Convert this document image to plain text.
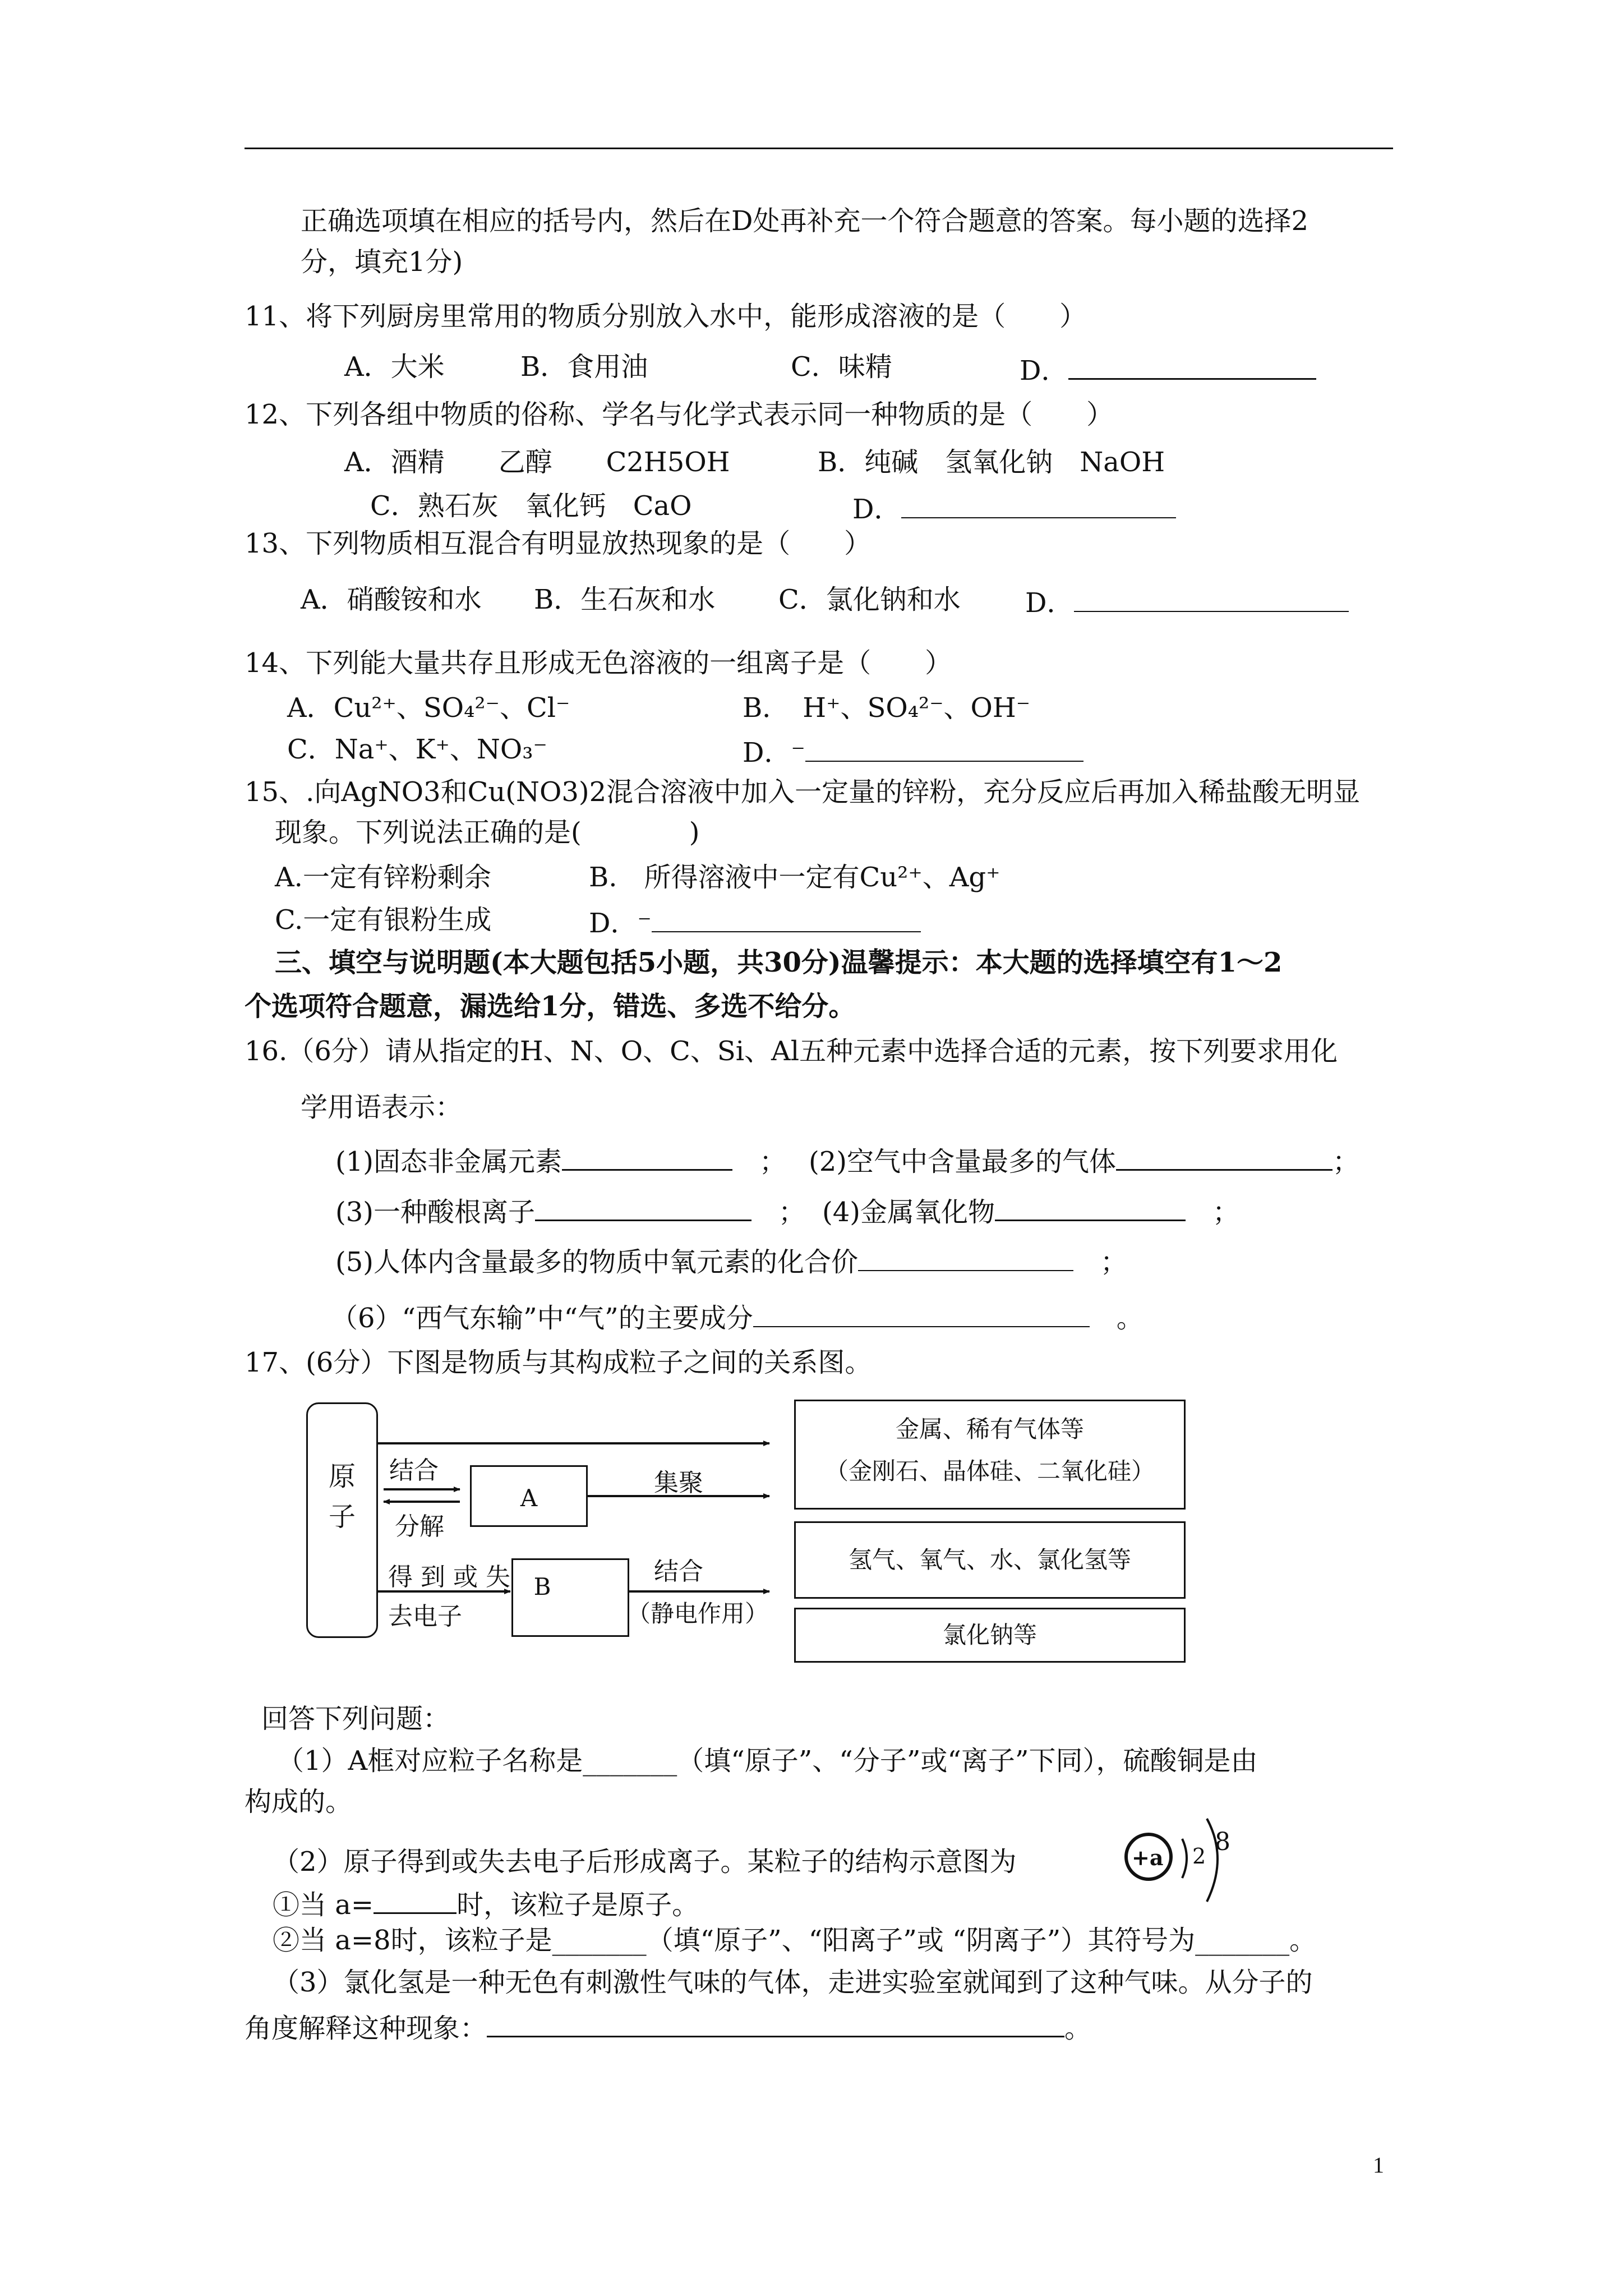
正确选项填在相应的括号内，然后在D处再补充一个符合题意的答案。每小题的选择2
分，填充1分)
11、将下列厨房里常用的物质分别放入水中，能形成溶液的是（　　）
A．大米	B．食用油	C．味精	D．
12、下列各组中物质的俗称、学名与化学式表示同一种物质的是（　　）
A．酒精　　乙醇　　C2H5OH	B．纯碱　氢氧化钠　NaOH
C．熟石灰　氧化钙　CaO	D．
13、下列物质相互混合有明显放热现象的是（　　）
A．硝酸铵和水 B．生石灰和水 C．氯化钠和水 D．
14、下列能大量共存且形成无色溶液的一组离子是（　　）
A．Cu²⁺、SO₄²⁻、Cl⁻	B．　H⁺、SO₄²⁻、OH⁻
C．Na⁺、K⁺、NO₃⁻	D．⁻
15、.向AgNO3和Cu(NO3)2混合溶液中加入一定量的锌粉，充分反应后再加入稀盐酸无明显
现象。下列说法正确的是(　　　　)
A.一定有锌粉剩余	B.　所得溶液中一定有Cu²⁺、Ag⁺
C.一定有银粉生成	D．⁻
三、填空与说明题(本大题包括5小题，共30分)温馨提示：本大题的选择填空有1～2
个选项符合题意，漏选给1分，错选、多选不给分。
16.（6分）请从指定的H、N、O、C、Si、Al五种元素中选择合适的元素，按下列要求用化
学用语表示：
(1)固态非金属元素　	； (2)空气中含量最多的气体	；
(3)一种酸根离子　	； (4)金属氧化物　	；
(5)人体内含量最多的物质中氧元素的化合价　	；
（6）“西气东输”中“气”的主要成分　	。
17、(6分）下图是物质与其构成粒子之间的关系图。
原
子
结合
分解
A
集聚
得 到 或 失
去电子
B
结合
（静电作用）
金属、稀有气体等
（金刚石、晶体硅、二氧化硅）
氢气、氧气、水、氯化氢等
氯化钠等
回答下列问题：
（1）A框对应粒子名称是_______（填“原子”、“分子”或“离子”下同），硫酸铜是由
构成的。
（2）原子得到或失去电子后形成离子。某粒子的结构示意图为	+a 2 8
①当 a=	时，该粒子是原子。
②当 a=8时，该粒子是_______（填“原子”、“阳离子”或 “阴离子”）其符号为_______。
（3）氯化氢是一种无色有刺激性气味的气体，走进实验室就闻到了这种气味。从分子的
角度解释这种现象：	。
1
